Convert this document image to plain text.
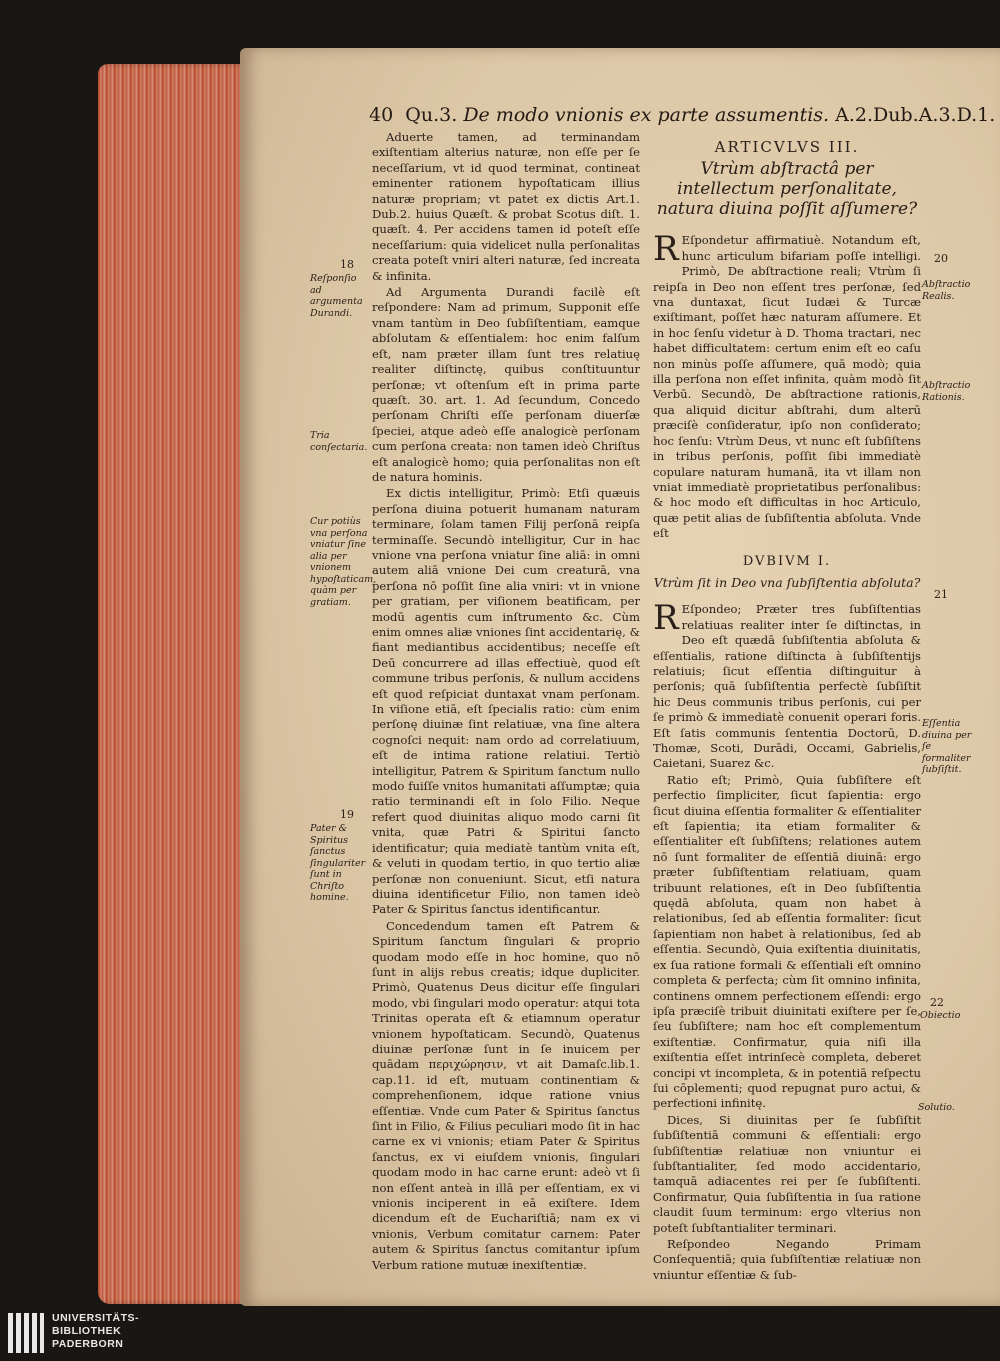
40 Qu.3. De modo vnionis ex parte assumentis. A.2.Dub.A.3.D.1.

Aduerte tamen, ad terminandam exiſtentiam alterius naturæ, non eſſe per ſe neceſſarium, vt id quod terminat, contineat eminenter rationem hypoſtaticam illius naturæ propriam; vt patet ex dictis Art.1. Dub.2. huius Quæſt. & probat Scotus diſt. 1. quæſt. 4. Per accidens tamen id poteſt eſſe neceſſarium: quia videlicet nulla perſonalitas creata poteſt vniri alteri naturæ, ſed increata & infinita.

Ad Argumenta Durandi facilè eſt reſpondere: Nam ad primum, Supponit eſſe vnam tantùm in Deo ſubſiſtentiam, eamque abſolutam & eſſentialem: hoc enim falſum eſt, nam præter illam ſunt tres relatiuę realiter diſtinctę, quibus conſtituuntur perſonæ; vt oſtenſum eſt in prima parte quæſt. 30. art. 1. Ad ſecundum, Concedo perſonam Chriſti eſſe perſonam diuerſæ ſpeciei, atque adeò eſſe analogicè perſonam cum perſona creata: non tamen ideò Chriſtus eſt analogicè homo; quia perſonalitas non eſt de natura hominis.

Ex dictis intelligitur, Primò: Etſi quæuis perſona diuina potuerit humanam naturam terminare, ſolam tamen Filij perſonā reipſa terminaſſe. Secundò intelligitur, Cur in hac vnione vna perſona vniatur ſine aliā: in omni autem aliā vnione Dei cum creaturā, vna perſona nō poſſit ſine alia vniri: vt in vnione per gratiam, per viſionem beatificam, per modū agentis cum inſtrumento &c. Cùm enim omnes aliæ vniones ſint accidentarię, & fiant mediantibus accidentibus; neceſſe eſt Deū concurrere ad illas effectiuè, quod eſt commune tribus perſonis, & nullum accidens eſt quod reſpiciat duntaxat vnam perſonam. In viſione etiā, eſt ſpecialis ratio: cùm enim perſonę diuinæ ſint relatiuæ, vna ſine altera cognoſci nequit: nam ordo ad correlatiuum, eſt de intima ratione relatiui. Tertiò intelligitur, Patrem & Spiritum ſanctum nullo modo fuiſſe vnitos humanitati aſſumptæ; quia ratio terminandi eſt in ſolo Filio. Neque refert quod diuinitas aliquo modo carni ſit vnita, quæ Patri & Spiritui ſancto identificatur; quia mediatè tantùm vnita eſt, & veluti in quodam tertio, in quo tertio aliæ perſonæ non conueniunt. Sicut, etſi natura diuina identificetur Filio, non tamen ideò Pater & Spiritus ſanctus identificantur.

Concedendum tamen eſt Patrem & Spiritum ſanctum ſingulari & proprio quodam modo eſſe in hoc homine, quo nō ſunt in alijs rebus creatis; idque dupliciter. Primò, Quatenus Deus dicitur eſſe ſingulari modo, vbi ſingulari modo operatur: atqui tota Trinitas operata eſt & etiamnum operatur vnionem hypoſtaticam. Secundò, Quatenus diuinæ perſonæ ſunt in ſe inuicem per quādam περιχώρησιν, vt ait Damaſc.lib.1. cap.11. id eſt, mutuam continentiam & comprehenſionem, idque ratione vnius eſſentiæ. Vnde cum Pater & Spiritus ſanctus ſint in Filio, & Filius peculiari modo ſit in hac carne ex vi vnionis; etiam Pater & Spiritus ſanctus, ex vi eiuſdem vnionis, ſingulari quodam modo in hac carne erunt: adeò vt ſi non eſſent anteà in illā per eſſentiam, ex vi vnionis inciperent in eā exiſtere. Idem dicendum eſt de Euchariſtiā; nam ex vi vnionis, Verbum comitatur carnem: Pater autem & Spiritus ſanctus comitantur ipſum Verbum ratione mutuæ inexiſtentiæ.

18
Reſponſio ad argumenta Durandi.
Tria conſectaria.
Cur potiùs vna perſona vniatur ſine alia per vnionem hypoſtaticam, quàm per gratiam.
19
Pater & Spiritus ſanctus ſingulariter ſunt in Chriſto homine.
ARTICVLVS III.
Vtrùm abſtractâ per intellectum perſonalitate, natura diuina poſſit aſſumere?

R Eſpondetur affirmatiuè. Notandum eſt, hunc articulum bifariam poſſe intelligi. Primò, De abſtractione reali; Vtrùm ſi reipſa in Deo non eſſent tres perſonæ, ſed vna duntaxat, ſicut Iudæi & Turcæ exiſtimant, poſſet hæc naturam aſſumere. Et in hoc ſenſu videtur à D. Thoma tractari, nec habet difficultatem: certum enim eſt eo caſu non minùs poſſe aſſumere, quā modò; quia illa perſona non eſſet infinita, quàm modò ſit Verbū. Secundò, De abſtractione rationis, qua aliquid dicitur abſtrahi, dum alterū præciſè conſideratur, ipſo non conſiderato; hoc ſenſu: Vtrùm Deus, vt nunc eſt ſubſiſtens in tribus perſonis, poſſit ſibi immediatè copulare naturam humanā, ita vt illam non vniat immediatè proprietatibus perſonalibus: & hoc modo eſt difficultas in hoc Articulo, quæ petit alias de ſubſiſtentia abſoluta. Vnde eſt

DVBIVM I.
Vtrùm ſit in Deo vna ſubſiſtentia abſoluta?

R Eſpondeo; Præter tres ſubſiſtentias relatiuas realiter inter ſe diſtinctas, in Deo eſt quædā ſubſiſtentia abſoluta & eſſentialis, ratione diſtincta à ſubſiſtentijs relatiuis; ſicut eſſentia diſtinguitur à perſonis; quā ſubſiſtentia perfectè ſubſiſtit hic Deus communis tribus perſonis, cui per ſe primò & immediatè conuenit operari foris. Eſt ſatis communis ſententia Doctorū, D. Thomæ, Scoti, Durādi, Occami, Gabrielis, Caietani, Suarez &c.

Ratio eſt; Primò, Quia ſubſiſtere eſt perfectio ſimpliciter, ſicut ſapientia: ergo ſicut diuina eſſentia formaliter & eſſentialiter eſt ſapientia; ita etiam formaliter & eſſentialiter eſt ſubſiſtens; relationes autem nō ſunt formaliter de eſſentiā diuinā: ergo præter ſubſiſtentiam relatiuam, quam tribuunt relationes, eſt in Deo ſubſiſtentia quędā abſoluta, quam non habet à relationibus, ſed ab eſſentia formaliter: ſicut ſapientiam non habet à relationibus, ſed ab eſſentia. Secundò, Quia exiſtentia diuinitatis, ex ſua ratione formali & eſſentiali eſt omnino completa & perfecta; cùm ſit omnino infinita, continens omnem perfectionem eſſendi: ergo ipſa præciſè tribuit diuinitati exiſtere per ſe, ſeu ſubſiſtere; nam hoc eſt complementum exiſtentiæ. Confirmatur, quia niſi illa exiſtentia eſſet intrinſecè completa, deberet concipi vt incompleta, & in potentiā reſpectu ſui cōplementi; quod repugnat puro actui, & perfectioni infinitę.

Dices, Si diuinitas per ſe ſubſiſtit ſubſiſtentiā communi & eſſentiali: ergo ſubſiſtentiæ relatiuæ non vniuntur ei ſubſtantialiter, ſed modo accidentario, tamquā adiacentes rei per ſe ſubſiſtenti. Confirmatur, Quia ſubſiſtentia in ſua ratione claudit ſuum terminum: ergo vlterius non poteſt ſubſtantialiter terminari.

Reſpondeo Negando Primam Conſequentiā; quia ſubſiſtentiæ relatiuæ non vniuntur eſſentiæ & ſub-

20
Abſtractio Realis.
Abſtractio Rationis.
21
Eſſentia diuina per ſe formaliter ſubſiſtit.
22
Obiectio
Solutio.
UNIVERSITÄTS-
BIBLIOTHEK
PADERBORN
